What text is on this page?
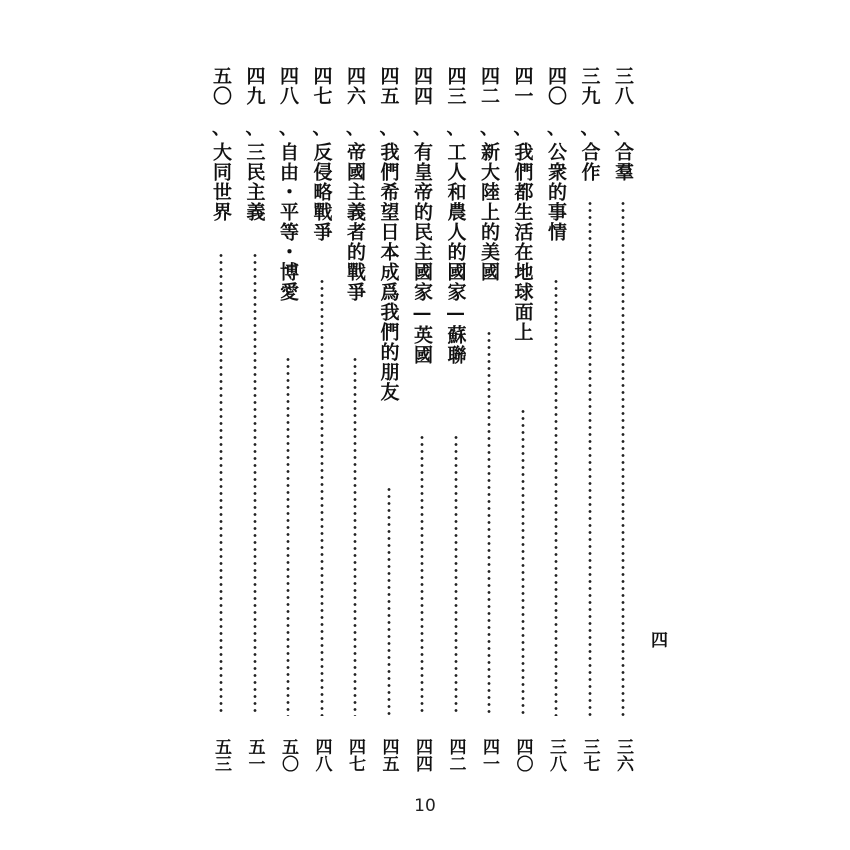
三八
、
合羣
三六
三九
、
合作
三七
四〇
、
公衆的事情
三八
四一
、
我們都生活在地球面上
四〇
四二
、
新大陸上的美國
四一
四三
、
工人和農人的國家—蘇聯
四二
四四
、
有皇帝的民主國家—英國
四四
四五
、
我們希望日本成爲我們的朋友
四五
四六
、
帝國主義者的戰爭
四七
四七
、
反侵略戰爭
四八
四八
、
自由・平等・博愛
五〇
四九
、
三民主義
五一
五〇
、
大同世界
五三
四
10
